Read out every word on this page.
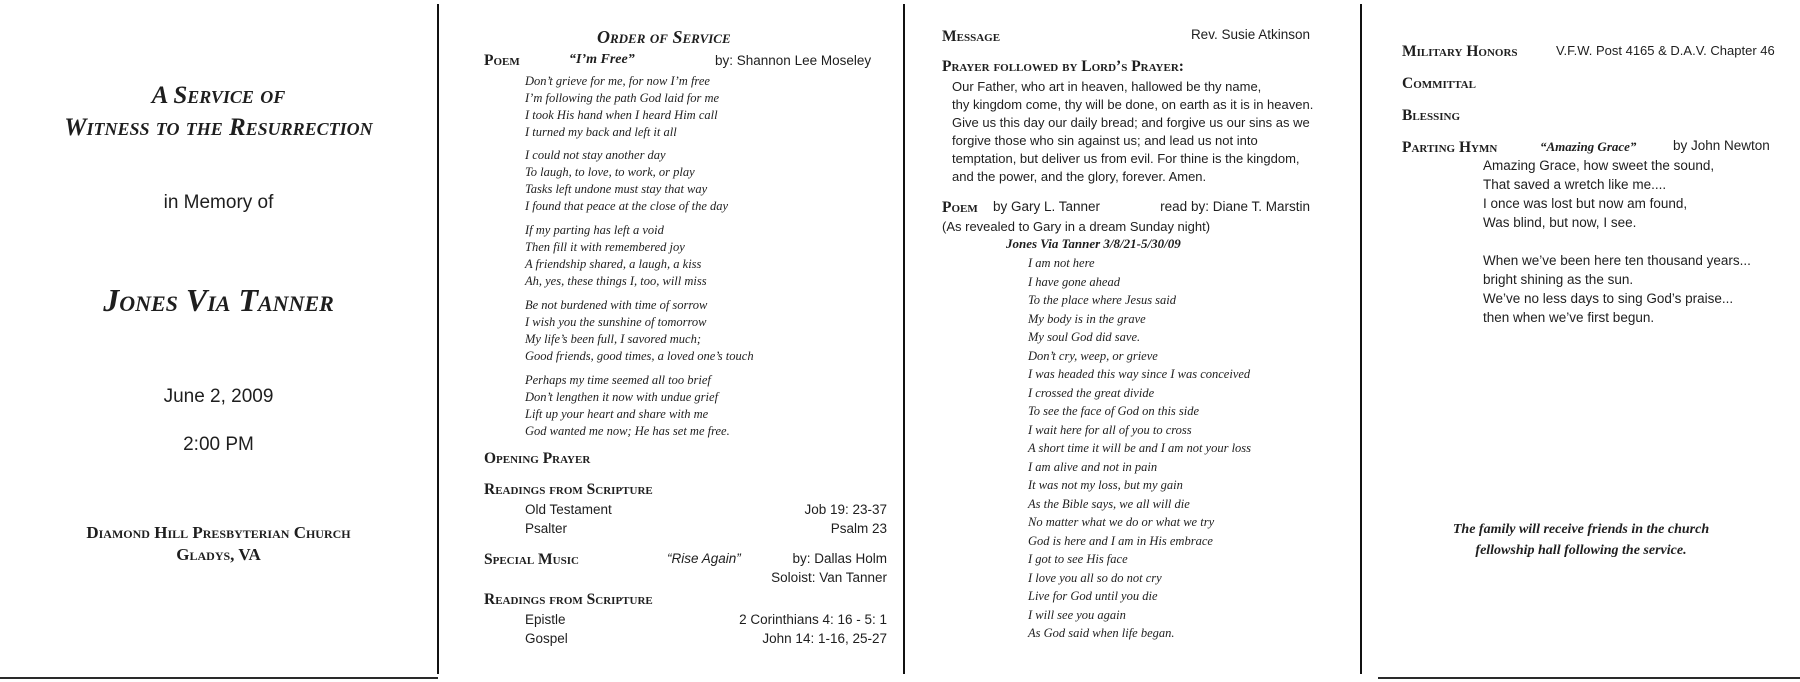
A Service of
Witness to the Resurrection
in Memory of
Jones Via Tanner
June 2, 2009
2:00 PM
Diamond Hill Presbyterian Church
Gladys, VA
Order of Service
Poem	“I’m Free”	by: Shannon Lee Moseley
Don’t grieve for me, for now I’m free
I’m following the path God laid for me
I took His hand when I heard Him call
I turned my back and left it all
I could not stay another day
To laugh, to love, to work, or play
Tasks left undone must stay that way
I found that peace at the close of the day
If my parting has left a void
Then fill it with remembered joy
A friendship shared, a laugh, a kiss
Ah, yes, these things I, too, will miss
Be not burdened with time of sorrow
I wish you the sunshine of tomorrow
My life’s been full, I savored much;
Good friends, good times, a loved one’s touch
Perhaps my time seemed all too brief
Don’t lengthen it now with undue grief
Lift up your heart and share with me
God wanted me now; He has set me free.
Opening Prayer
Readings from Scripture
Old Testament	Job 19: 23-37
Psalter	Psalm 23
Special Music	“Rise Again”	by: Dallas Holm
Soloist: Van Tanner
Readings from Scripture
Epistle	2 Corinthians 4: 16 - 5: 1
Gospel	John 14: 1-16, 25-27
Message	Rev. Susie Atkinson
Prayer followed by Lord’s Prayer:
Our Father, who art in heaven, hallowed be thy name,
thy kingdom come, thy will be done, on earth as it is in heaven.
Give us this day our daily bread; and forgive us our sins as we
forgive those who sin against us; and lead us not into
temptation, but deliver us from evil. For thine is the kingdom,
and the power, and the glory, forever. Amen.
Poem by Gary L. Tanner	read by: Diane T. Marstin
(As revealed to Gary in a dream Sunday night)
Jones Via Tanner 3/8/21-5/30/09
I am not here
I have gone ahead
To the place where Jesus said
My body is in the grave
My soul God did save.
Don’t cry, weep, or grieve
I was headed this way since I was conceived
I crossed the great divide
To see the face of God on this side
I wait here for all of you to cross
A short time it will be and I am not your loss
I am alive and not in pain
It was not my loss, but my gain
As the Bible says, we all will die
No matter what we do or what we try
God is here and I am in His embrace
I got to see His face
I love you all so do not cry
Live for God until you die
I will see you again
As God said when life began.
Military Honors	V.F.W. Post 4165 & D.A.V. Chapter 46
Committal
Blessing
Parting Hymn	“Amazing Grace”	by John Newton
Amazing Grace, how sweet the sound,
That saved a wretch like me....
I once was lost but now am found,
Was blind, but now, I see.
When we’ve been here ten thousand years...
bright shining as the sun.
We’ve no less days to sing God’s praise...
then when we’ve first begun.
The family will receive friends in the church
fellowship hall following the service.
